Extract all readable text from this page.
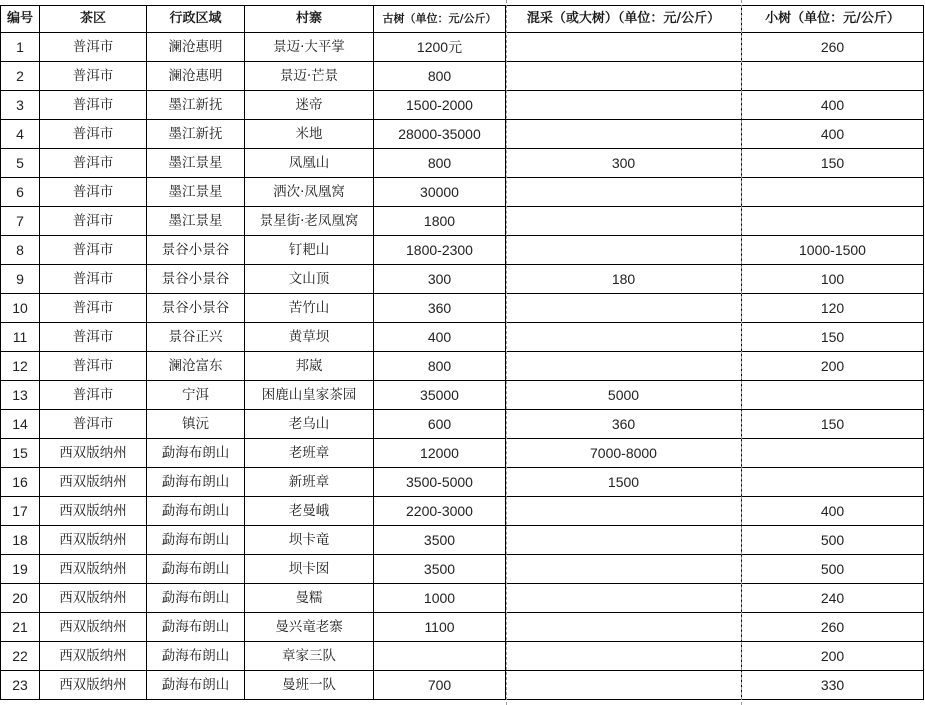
编号	茶区	行政区域	村寨	古树（单位：元/公斤）	混采（或大树）（单位：元/公斤）	小树（单位：元/公斤）
1	普洱市	澜沧惠明	景迈·大平掌	1200元		260
2	普洱市	澜沧惠明	景迈·芒景	800		
3	普洱市	墨江新抚	迷帝	1500-2000		400
4	普洱市	墨江新抚	米地	28000-35000		400
5	普洱市	墨江景星	凤凰山	800	300	150
6	普洱市	墨江景星	洒次·凤凰窝	30000		
7	普洱市	墨江景星	景星街·老凤凰窝	1800		
8	普洱市	景谷小景谷	钉耙山	1800-2300		1000-1500
9	普洱市	景谷小景谷	文山顶	300	180	100
10	普洱市	景谷小景谷	苦竹山	360		120
11	普洱市	景谷正兴	黄草坝	400		150
12	普洱市	澜沧富东	邦崴	800		200
13	普洱市	宁洱	困鹿山皇家茶园	35000	5000	
14	普洱市	镇沅	老乌山	600	360	150
15	西双版纳州	勐海布朗山	老班章	12000	7000-8000	
16	西双版纳州	勐海布朗山	新班章	3500-5000	1500	
17	西双版纳州	勐海布朗山	老曼峨	2200-3000		400
18	西双版纳州	勐海布朗山	坝卡竜	3500		500
19	西双版纳州	勐海布朗山	坝卡囡	3500		500
20	西双版纳州	勐海布朗山	曼糯	1000		240
21	西双版纳州	勐海布朗山	曼兴竜老寨	1100		260
22	西双版纳州	勐海布朗山	章家三队			200
23	西双版纳州	勐海布朗山	曼班一队	700		330
